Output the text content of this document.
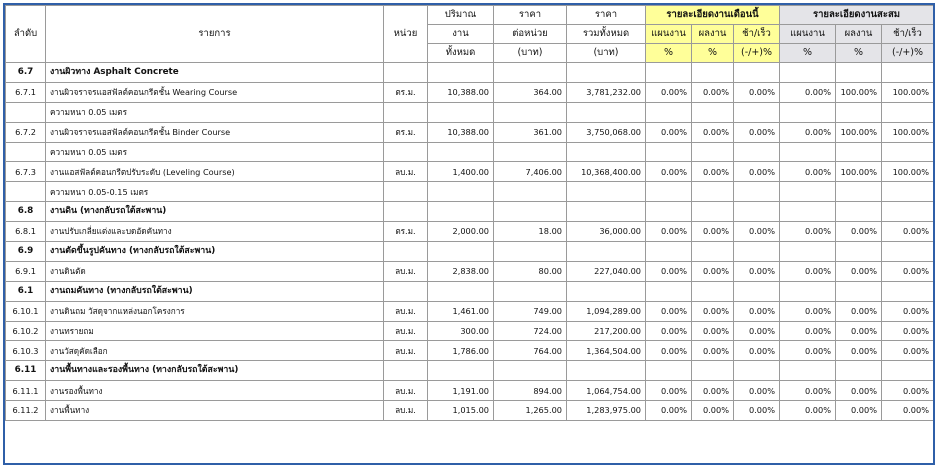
ลำดับ	รายการ	หน่วย	ปริมาณ	ราคา	ราคา	รายละเอียดงานเดือนนี้			รายละเอียดงานสะสม		
			งาน	ต่อหน่วย	รวมทั้งหมด	แผนงาน	ผลงาน	ช้า/เร็ว	แผนงาน	ผลงาน	ช้า/เร็ว
			ทั้งหมด	(บาท)	(บาท)	%	%	(-/+)%	%	%	(-/+)%
6.7	งานผิวทาง Asphalt Concrete										
6.7.1	งานผิวจราจรแอสฟัลต์คอนกรีตชั้น Wearing Course	ตร.ม.	10,388.00	364.00	3,781,232.00	0.00%	0.00%	0.00%	0.00%	100.00%	100.00%
	ความหนา 0.05 เมตร										
6.7.2	งานผิวจราจรแอสฟัลต์คอนกรีตชั้น Binder Course	ตร.ม.	10,388.00	361.00	3,750,068.00	0.00%	0.00%	0.00%	0.00%	100.00%	100.00%
	ความหนา 0.05 เมตร										
6.7.3	งานแอสฟัลต์คอนกรีตปรับระดับ (Leveling Course)	ลบ.ม.	1,400.00	7,406.00	10,368,400.00	0.00%	0.00%	0.00%	0.00%	100.00%	100.00%
	ความหนา 0.05-0.15 เมตร										
6.8	งานดิน (ทางกลับรถใต้สะพาน)										
6.8.1	งานปรับเกลี่ยแต่งและบดอัดคันทาง	ตร.ม.	2,000.00	18.00	36,000.00	0.00%	0.00%	0.00%	0.00%	0.00%	0.00%
6.9	งานตัดขึ้นรูปคันทาง (ทางกลับรถใต้สะพาน)										
6.9.1	งานดินตัด	ลบ.ม.	2,838.00	80.00	227,040.00	0.00%	0.00%	0.00%	0.00%	0.00%	0.00%
6.1	งานถมคันทาง (ทางกลับรถใต้สะพาน)										
6.10.1	งานดินถม วัสดุจากแหล่งนอกโครงการ	ลบ.ม.	1,461.00	749.00	1,094,289.00	0.00%	0.00%	0.00%	0.00%	0.00%	0.00%
6.10.2	งานทรายถม	ลบ.ม.	300.00	724.00	217,200.00	0.00%	0.00%	0.00%	0.00%	0.00%	0.00%
6.10.3	งานวัสดุคัดเลือก	ลบ.ม.	1,786.00	764.00	1,364,504.00	0.00%	0.00%	0.00%	0.00%	0.00%	0.00%
6.11	งานพื้นทางและรองพื้นทาง (ทางกลับรถใต้สะพาน)										
6.11.1	งานรองพื้นทาง	ลบ.ม.	1,191.00	894.00	1,064,754.00	0.00%	0.00%	0.00%	0.00%	0.00%	0.00%
6.11.2	งานพื้นทาง	ลบ.ม.	1,015.00	1,265.00	1,283,975.00	0.00%	0.00%	0.00%	0.00%	0.00%	0.00%
